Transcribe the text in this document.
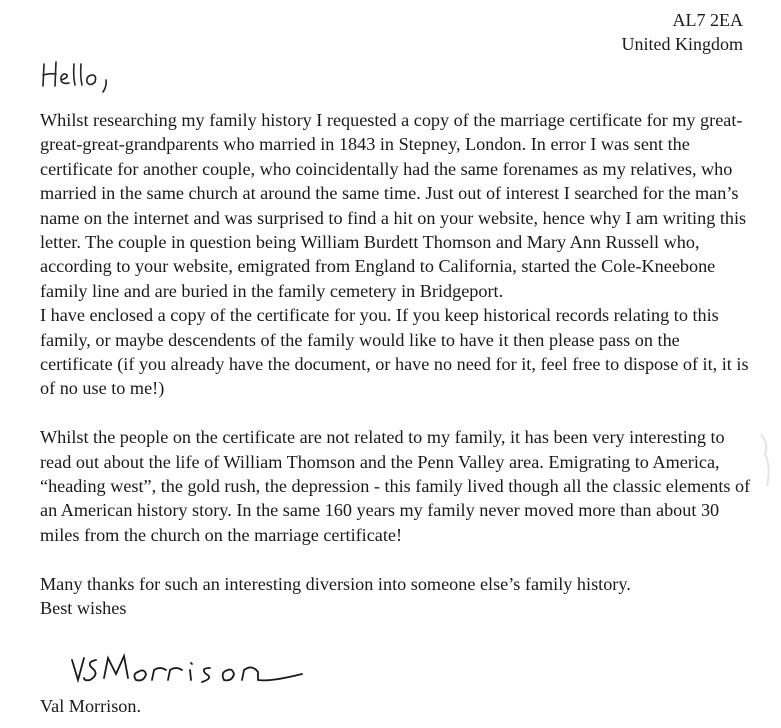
AL7 2EA
United Kingdom

Whilst researching my family history I requested a copy of the marriage certificate for my great-great-great-grandparents who married in 1843 in Stepney, London. In error I was sent the certificate for another couple, who coincidentally had the same forenames as my relatives, who married in the same church at around the same time. Just out of interest I searched for the man’s name on the internet and was surprised to find a hit on your website, hence why I am writing this letter. The couple in question being William Burdett Thomson and Mary Ann Russell who, according to your website, emigrated from England to California, started the Cole-Kneebone family line and are buried in the family cemetery in Bridgeport.

I have enclosed a copy of the certificate for you. If you keep historical records relating to this family, or maybe descendents of the family would like to have it then please pass on the certificate (if you already have the document, or have no need for it, feel free to dispose of it, it is of no use to me!)

Whilst the people on the certificate are not related to my family, it has been very interesting to read out about the life of William Thomson and the Penn Valley area. Emigrating to America, “heading west”, the gold rush, the depression - this family lived though all the classic elements of an American history story. In the same 160 years my family never moved more than about 30 miles from the church on the marriage certificate!

Many thanks for such an interesting diversion into someone else’s family history.

Best wishes

Val Morrison.
